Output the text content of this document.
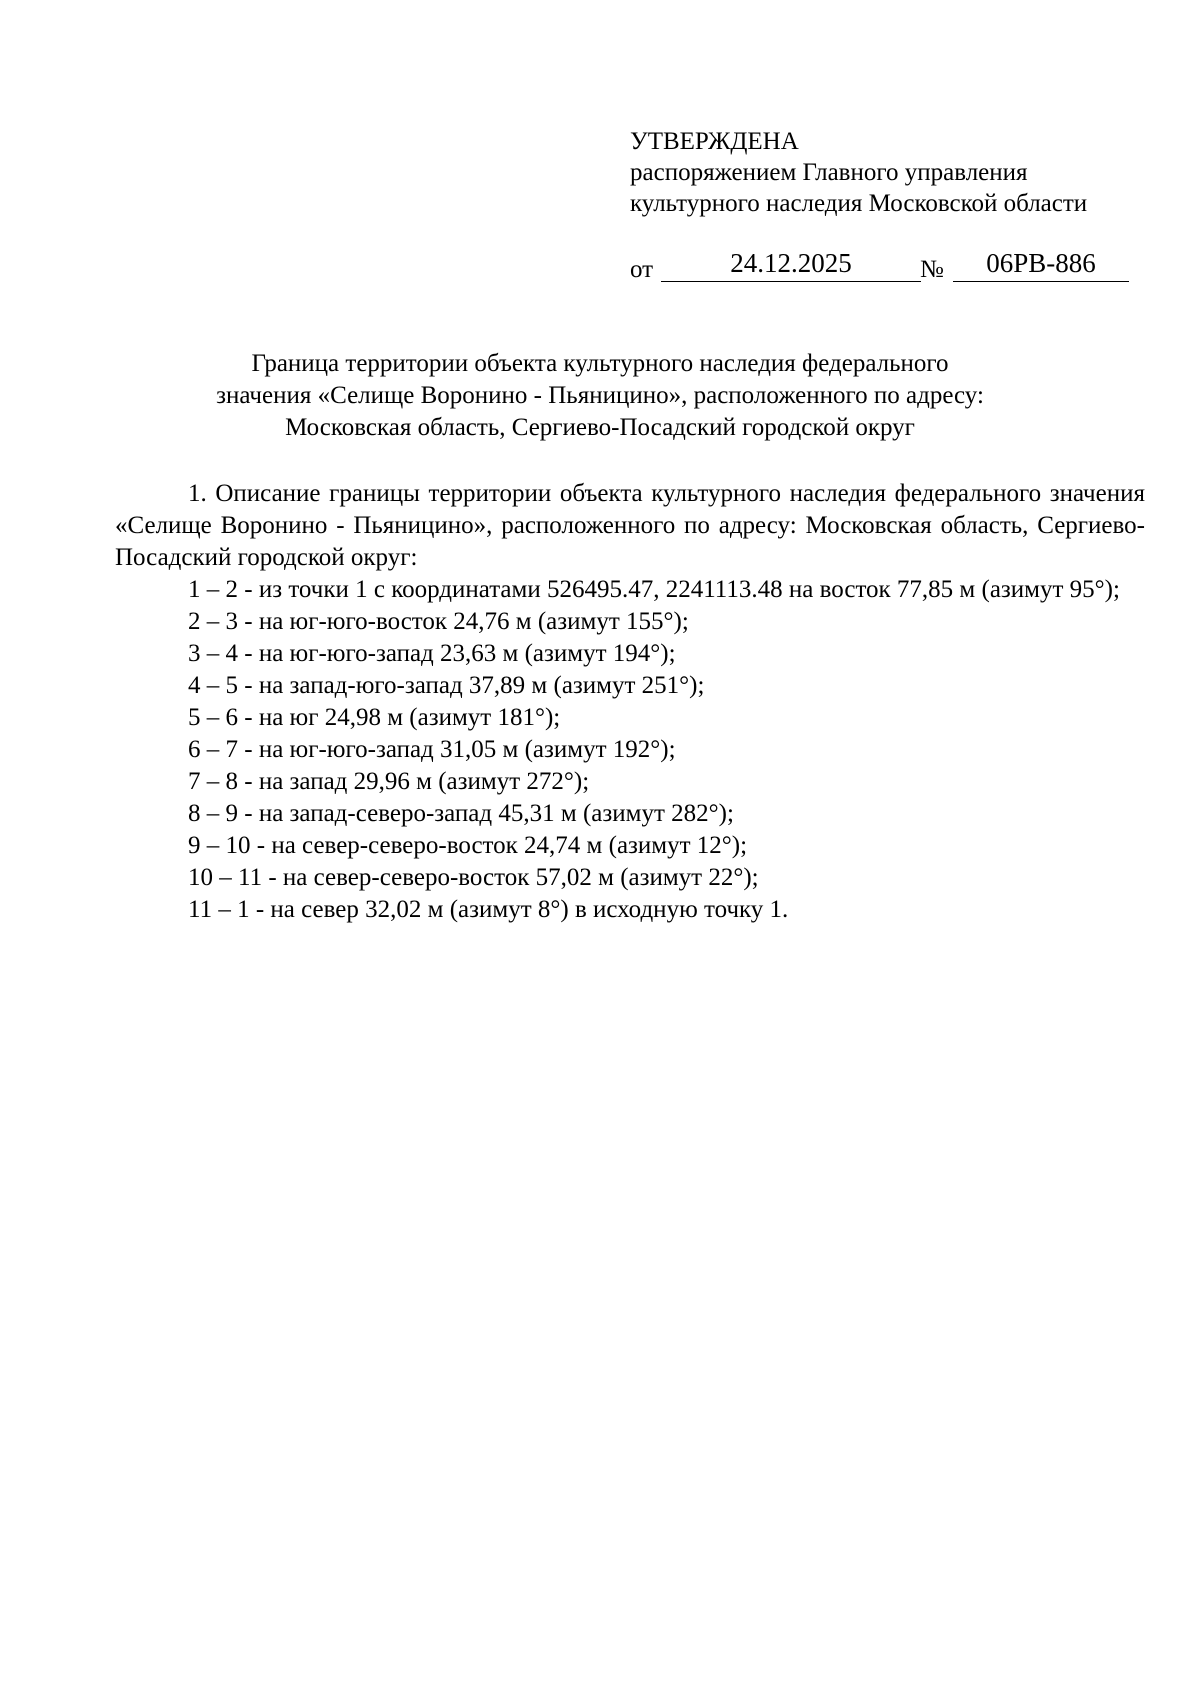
УТВЕРЖДЕНА
распоряжением Главного управления
культурного наследия Московской области
от	24.12.2025	№	06РВ-886
Граница территории объекта культурного наследия федерального
значения «Селище Воронино - Пьяницино», расположенного по адресу:
Московская область, Сергиево-Посадский городской округ

1. Описание границы территории объекта культурного наследия федерального значения «Селище Воронино - Пьяницино», расположенного по адресу: Московская область, Сергиево-Посадский городской округ:

1 – 2 - из точки 1 с координатами 526495.47, 2241113.48 на восток 77,85 м (азимут 95°);

2 – 3 - на юг-юго-восток 24,76 м (азимут 155°);

3 – 4 - на юг-юго-запад 23,63 м (азимут 194°);

4 – 5 - на запад-юго-запад 37,89 м (азимут 251°);

5 – 6 - на юг 24,98 м (азимут 181°);

6 – 7 - на юг-юго-запад 31,05 м (азимут 192°);

7 – 8 - на запад 29,96 м (азимут 272°);

8 – 9 - на запад-северо-запад 45,31 м (азимут 282°);

9 – 10 - на север-северо-восток 24,74 м (азимут 12°);

10 – 11 - на север-северо-восток 57,02 м (азимут 22°);

11 – 1 - на север 32,02 м (азимут 8°) в исходную точку 1.
